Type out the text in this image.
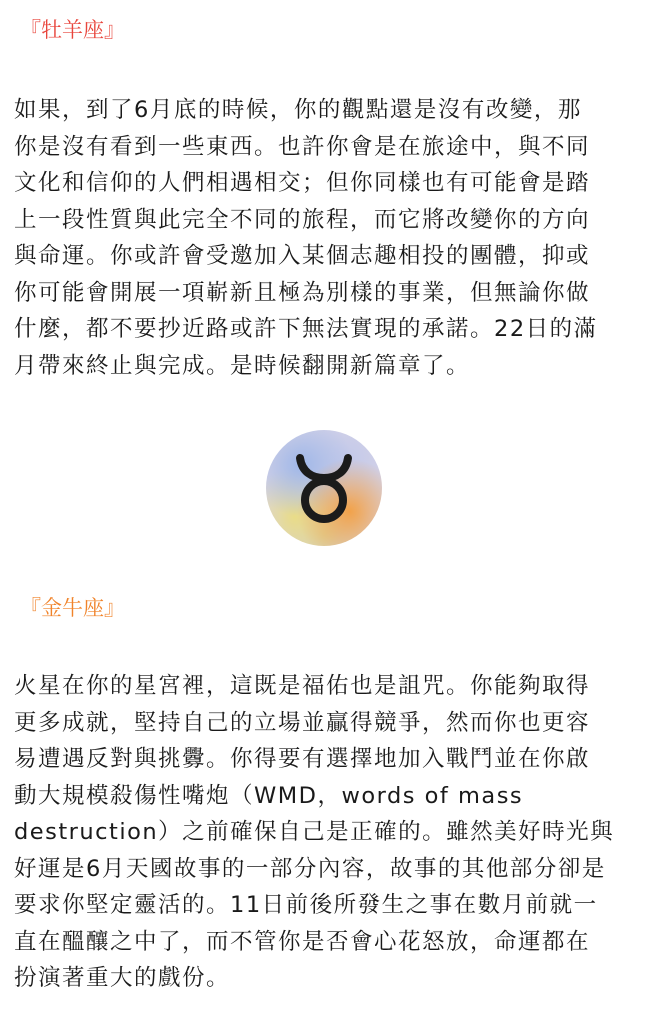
『牡羊座』
如果，到了6月底的時候，你的觀點還是沒有改變，那
你是沒有看到一些東西。也許你會是在旅途中，與不同
文化和信仰的人們相遇相交；但你同樣也有可能會是踏
上一段性質與此完全不同的旅程，而它將改變你的方向
與命運。你或許會受邀加入某個志趣相投的團體，抑或
你可能會開展一項嶄新且極為別樣的事業，但無論你做
什麼，都不要抄近路或許下無法實現的承諾。22日的滿
月帶來終止與完成。是時候翻開新篇章了。
『金牛座』
火星在你的星宮裡，這既是福佑也是詛咒。你能夠取得
更多成就，堅持自己的立場並贏得競爭，然而你也更容
易遭遇反對與挑釁。你得要有選擇地加入戰鬥並在你啟
動大規模殺傷性嘴炮（WMD，words of mass
destruction）之前確保自己是正確的。雖然美好時光與
好運是6月天國故事的一部分內容，故事的其他部分卻是
要求你堅定靈活的。11日前後所發生之事在數月前就一
直在醞釀之中了，而不管你是否會心花怒放，命運都在
扮演著重大的戲份。
